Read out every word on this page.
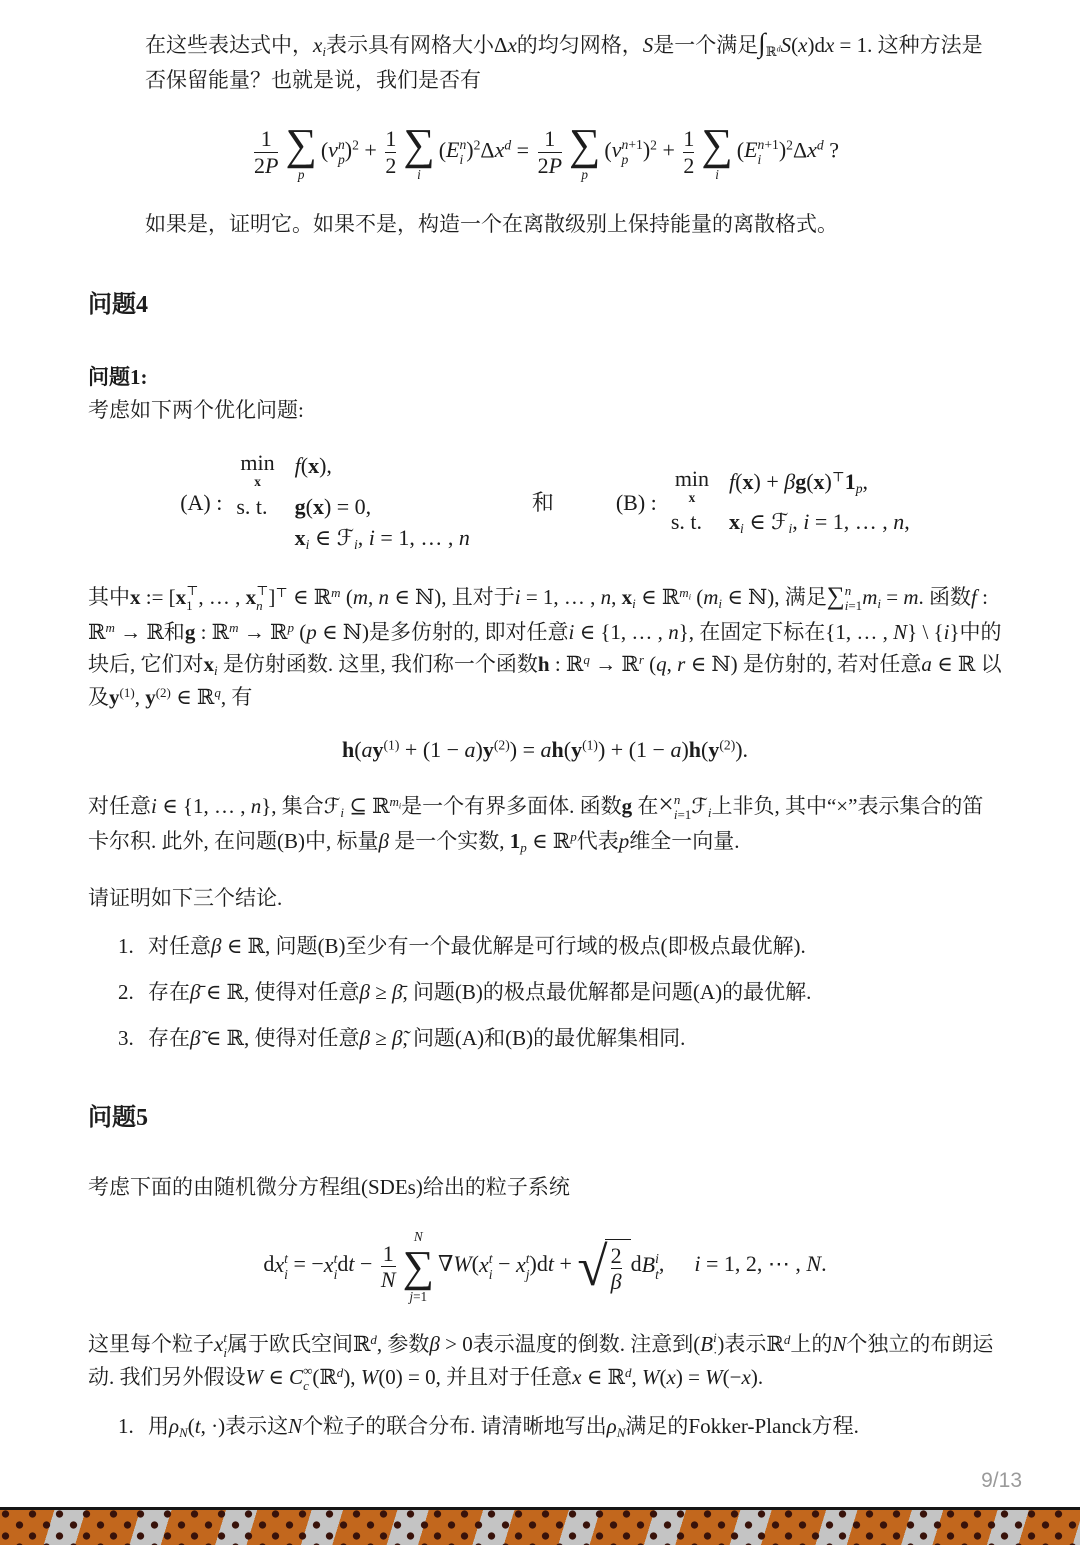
在这些表达式中，xi表示具有网格大小Δx的均匀网格，S是一个满足∫ℝ$^d$S(x)dx = 1. 这种方法是否保留能量？也就是说，我们是否有

$\frac{1}{2P}$ ∑
p
(v n
p )$^2 + \frac{1}{2}$ ∑
i
(E n
i )$^2\Delta x^d = \frac{1}{2P}$ ∑
p
(v n+1
p )$^2 + \frac{1}{2}$ ∑
i
(E n+1
i )$^2\Delta x^d$ ?

如果是，证明它。如果不是，构造一个在离散级别上保持能量的离散格式。

问题4

问题1:
考虑如下两个优化问题:

(A) :
min
x
f(x),
s. t.	g(x) = 0,
xi ∈ ℱi, i = 1, … , n
和	(B) :
min
x
f(x) + βg(x)⊤1p,
s. t.	xi ∈ ℱi, i = 1, … , n,

其中x := [x ⊤
1 , … , x ⊤
n ]⊤ ∈ ℝ$^m$ (m, n ∈ ℕ), 且对于i = 1, … , n, xi ∈ ℝ$^{mi}$ (mi ∈ ℕ), 满足∑ n
i=1 mi = m. 函数f : ℝ$^m$ → ℝ和g : ℝ$^m$ → ℝ$^p$ (p ∈ ℕ)是多仿射的, 即对任意i ∈ {1, … , n}, 在固定下标在{1, … , N} \ {i}中的块后, 它们对xi 是仿射函数. 这里, 我们称一个函数h : ℝ$^q$ → ℝ$^r$ (q, r ∈ ℕ) 是仿射的, 若对任意a ∈ ℝ 以及$y^{(1)}$, $y^{(2)}$ ∈ ℝ$^q$, 有

$h(ay^{(1)} + (1 - a)y^{(2)}) = ah(y^{(1)}) + (1 - a)h(y^{(2)})$.

对任意i ∈ {1, … , n}, 集合ℱi ⊆ ℝ$^{mi}$是一个有界多面体. 函数g 在× n
i=1 ℱi上非负, 其中“×”表示集合的笛卡尔积. 此外, 在问题(B)中, 标量β 是一个实数, 1p ∈ ℝ$^p$代表p维全一向量.

请证明如下三个结论.

1. 对任意β ∈ ℝ, 问题(B)至少有一个最优解是可行域的极点(即极点最优解).
2. 存在β̄ ∈ ℝ, 使得对任意β ≥ β̄, 问题(B)的极点最优解都是问题(A)的最优解.
3. 存在β̃ ∈ ℝ, 使得对任意β ≥ β̃, 问题(A)和(B)的最优解集相同.
问题5

考虑下面的由随机微分方程组(SDEs)给出的粒子系统

dx t
i = −x t
i dt − $\frac{1}{N}$
N
∑
j=1
∇W(x t
i − x t
j )dt + √ $\frac{2}{\beta}$ dB i
t , i = 1, 2, ⋯ , N.

这里每个粒子x t
i 属于欧氏空间ℝ$^d$, 参数β > 0表示温度的倒数. 注意到(B i
· )表示ℝ$^d$上的N个独立的布朗运动. 我们另外假设W ∈ C ∞
c (ℝ$^d$), W(0) = 0, 并且对于任意x ∈ ℝ$^d$, W(x) = W(−x).

1. 用ρN(t, ·)表示这N个粒子的联合分布. 请清晰地写出ρN满足的Fokker-Planck方程.
9/13
